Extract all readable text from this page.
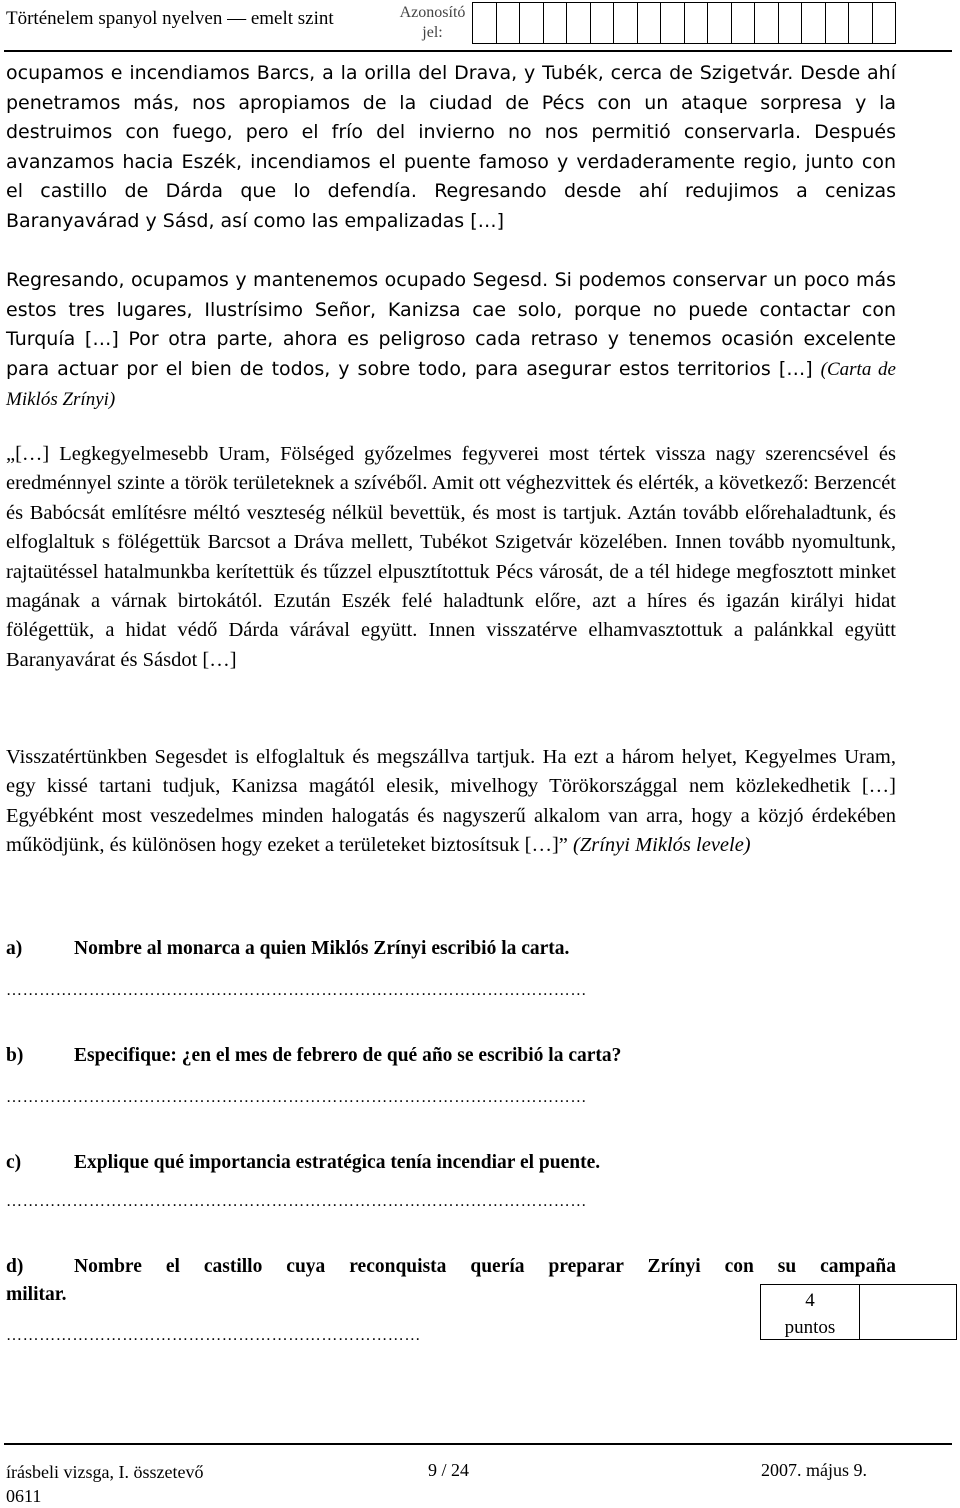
Történelem spanyol nyelven — emelt szint	Azonosító jel:

ocupamos e incendiamos Barcs, a la orilla del Drava, y Tubék, cerca de Szigetvár. Desde ahí penetramos más, nos apropiamos de la ciudad de Pécs con un ataque sorpresa y la destruimos con fuego, pero el frío del invierno no nos permitió conservarla. Después avanzamos hacia Eszék, incendiamos el puente famoso y verdaderamente regio, junto con el castillo de Dárda que lo defendía. Regresando desde ahí redujimos a cenizas Baranyavárad y Sásd, así como las empalizadas […]
Regresando, ocupamos y mantenemos ocupado Segesd. Si podemos conservar un poco más estos tres lugares, Ilustrísimo Señor, Kanizsa cae solo, porque no puede contactar con Turquía […] Por otra parte, ahora es peligroso cada retraso y tenemos ocasión excelente para actuar por el bien de todos, y sobre todo, para asegurar estos territorios […] (Carta de Miklós Zrínyi)

„[…] Legkegyelmesebb Uram, Fölséged győzelmes fegyverei most tértek vissza nagy szerencsével és eredménnyel szinte a török területeknek a szívéből. Amit ott véghezvittek és elérték, a következő: Berzencét és Babócsát említésre méltó veszteség nélkül bevettük, és most is tartjuk. Aztán tovább előrehaladtunk, és elfoglaltuk s fölégettük Barcsot a Dráva mellett, Tubékot Szigetvár közelében. Innen tovább nyomultunk, rajtaütéssel hatalmunkba kerítettük és tűzzel elpusztítottuk Pécs városát, de a tél hidege megfosztott minket magának a várnak birtokától. Ezután Eszék felé haladtunk előre, azt a híres és igazán királyi hidat fölégettük, a hidat védő Dárda várával együtt. Innen visszatérve elhamvasztottuk a palánkkal együtt Baranyavárat és Sásdot […]

Visszatértünkben Segesdet is elfoglaltuk és megszállva tartjuk. Ha ezt a három helyet, Kegyelmes Uram, egy kissé tartani tudjuk, Kanizsa magától elesik, mivelhogy Törökországgal nem közlekedhetik […] Egyébként most veszedelmes minden halogatás és nagyszerű alkalom van arra, hogy a közjó érdekében működjünk, és különösen hogy ezeket a területeket biztosítsuk […]” (Zrínyi Miklós levele)

a)	Nombre al monarca a quien Miklós Zrínyi escribió la carta.
……………………………………………………………………………………………
b)	Especifique: ¿en el mes de febrero de qué año se escribió la carta?
……………………………………………………………………………………………
c)	Explique qué importancia estratégica tenía incendiar el puente.
……………………………………………………………………………………………
d)	Nombre el castillo cuya reconquista quería preparar Zrínyi con su campaña
militar.
…………………………………………………………………
4
puntos
írásbeli vizsga, I. összetevő
0611
9 / 24	2007. május 9.
